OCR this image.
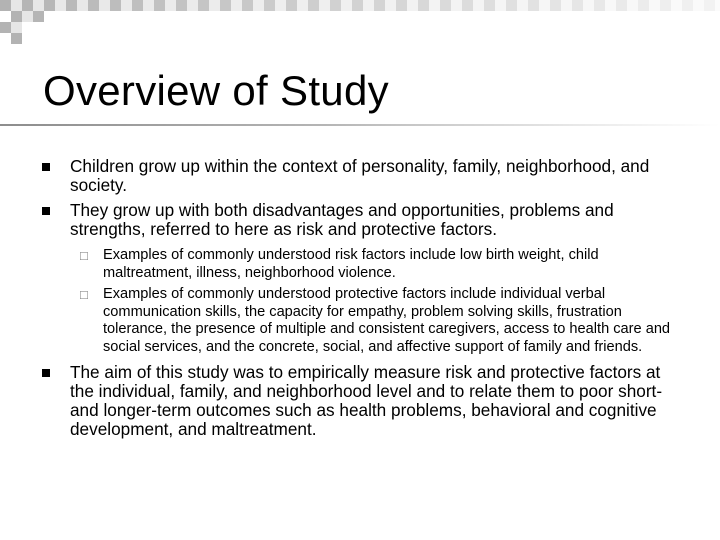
Overview of Study
Children grow up within the context of personality, family, neighborhood, and society.
They grow up with both disadvantages and opportunities, problems and strengths, referred to here as risk and protective factors.
□ Examples of commonly understood risk factors include low birth weight, child maltreatment, illness, neighborhood violence.
□ Examples of commonly understood protective factors include individual verbal communication skills, the capacity for empathy, problem solving skills, frustration tolerance, the presence of multiple and consistent caregivers, access to health care and social services, and the concrete, social, and affective support of family and friends.
The aim of this study was to empirically measure risk and protective factors at the individual, family, and neighborhood level and to relate them to poor short- and longer-term outcomes such as health problems, behavioral and cognitive development, and maltreatment.
